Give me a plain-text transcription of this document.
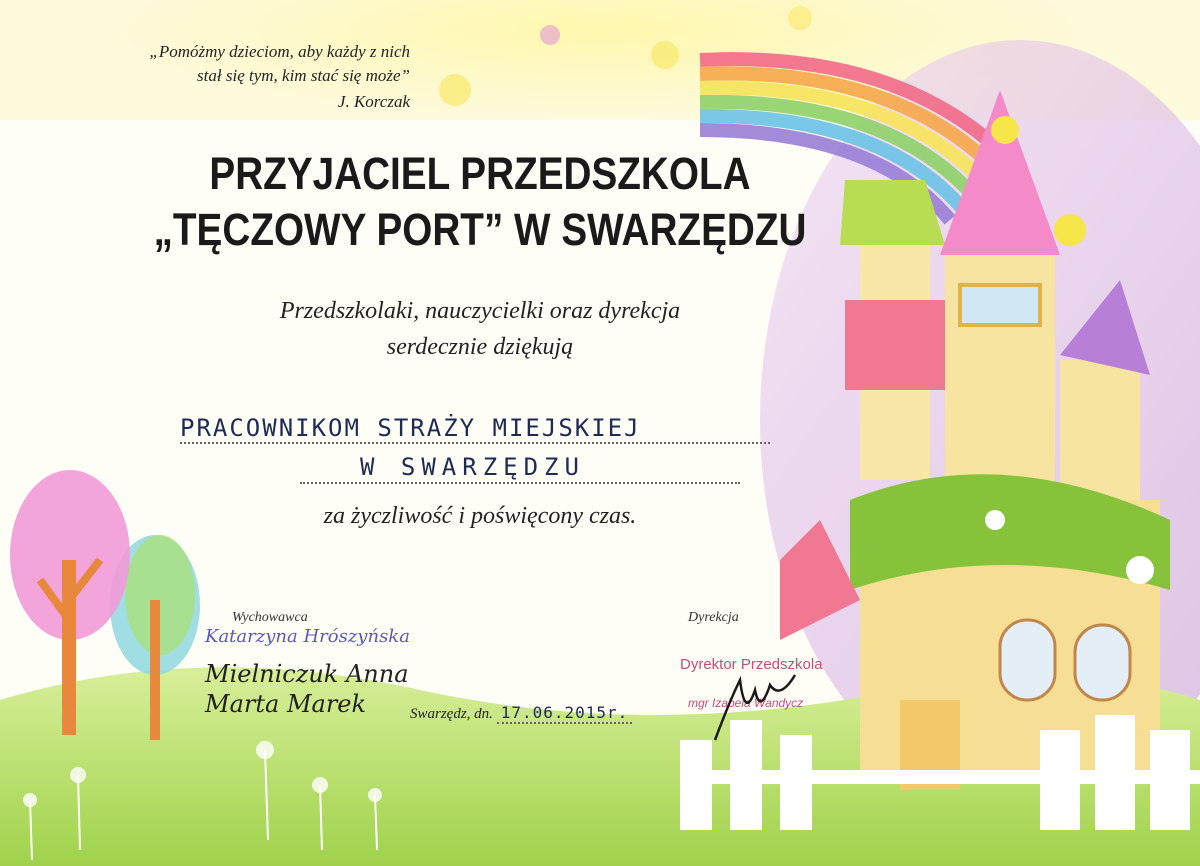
„Pomóżmy dzieciom, aby każdy z nich
stał się tym, kim stać się może”
J. Korczak
PRZYJACIEL PRZEDSZKOLA
„TĘCZOWY PORT” W SWARZĘDZU
Przedszkolaki, nauczycielki oraz dyrekcja
serdecznie dziękują
PRACOWNIKOM STRAŻY MIEJSKIEJ
W SWARZĘDZU
za życzliwość i poświęcony czas.
Wychowawca
Katarzyna Hrószyńska
Mielniczuk Anna
Marta Marek	Swarzędz, dn. 17.06.2015r.
Dyrekcja
Dyrektor Przedszkola
mgr Izabela Wandycz
